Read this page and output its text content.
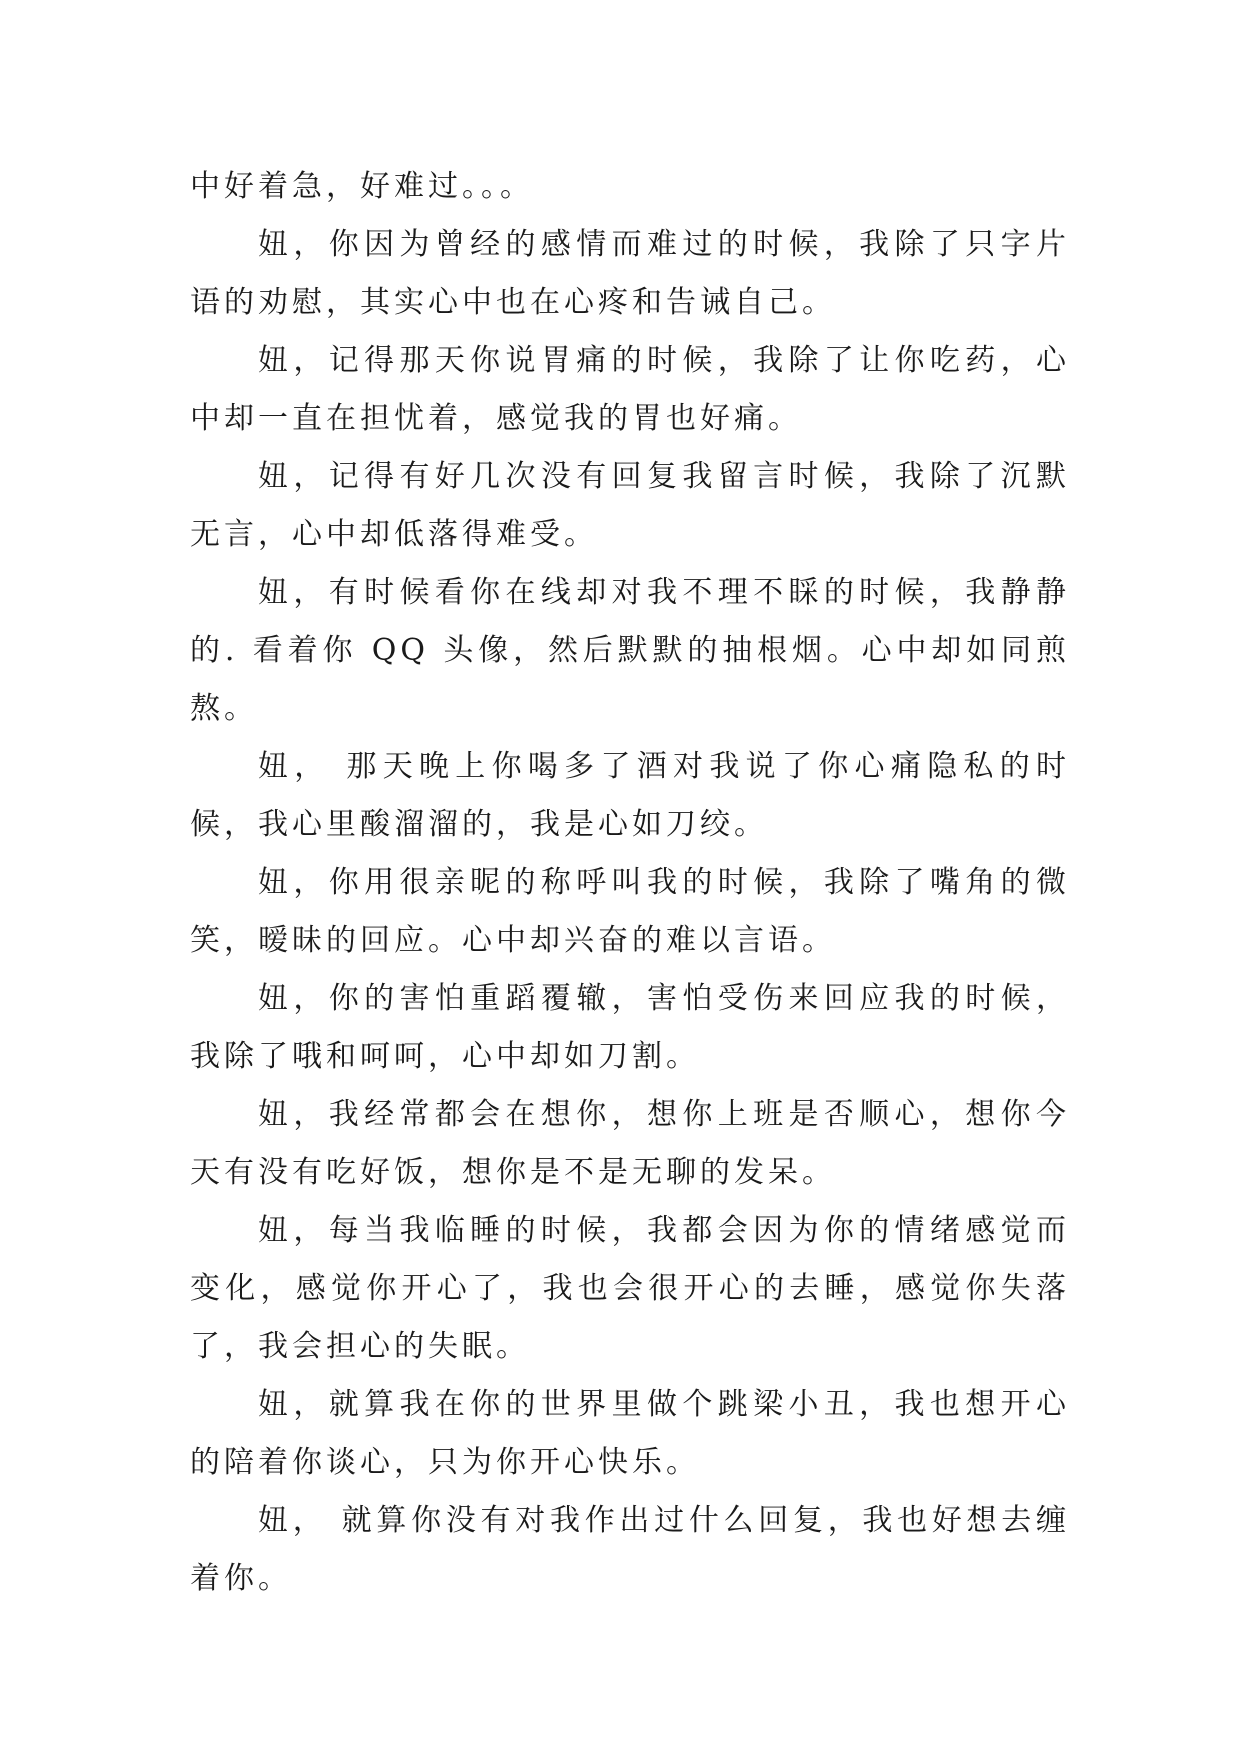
中好着急，好难过。。。

妞，你因为曾经的感情而难过的时候，我除了只字片语的劝慰，其实心中也在心疼和告诫自己。

妞，记得那天你说胃痛的时候，我除了让你吃药，心中却一直在担忧着，感觉我的胃也好痛。

妞，记得有好几次没有回复我留言时候，我除了沉默无言，心中却低落得难受。

妞，有时候看你在线却对我不理不睬的时候，我静静的. 看着你 QQ 头像，然后默默的抽根烟。心中却如同煎熬。

妞， 那天晚上你喝多了酒对我说了你心痛隐私的时候，我心里酸溜溜的，我是心如刀绞。

妞，你用很亲昵的称呼叫我的时候，我除了嘴角的微笑，暧昧的回应。心中却兴奋的难以言语。

妞，你的害怕重蹈覆辙，害怕受伤来回应我的时候，我除了哦和呵呵，心中却如刀割。

妞，我经常都会在想你，想你上班是否顺心，想你今天有没有吃好饭，想你是不是无聊的发呆。

妞，每当我临睡的时候，我都会因为你的情绪感觉而变化，感觉你开心了，我也会很开心的去睡，感觉你失落了，我会担心的失眠。

妞，就算我在你的世界里做个跳梁小丑，我也想开心的陪着你谈心，只为你开心快乐。

妞， 就算你没有对我作出过什么回复，我也好想去缠着你。
